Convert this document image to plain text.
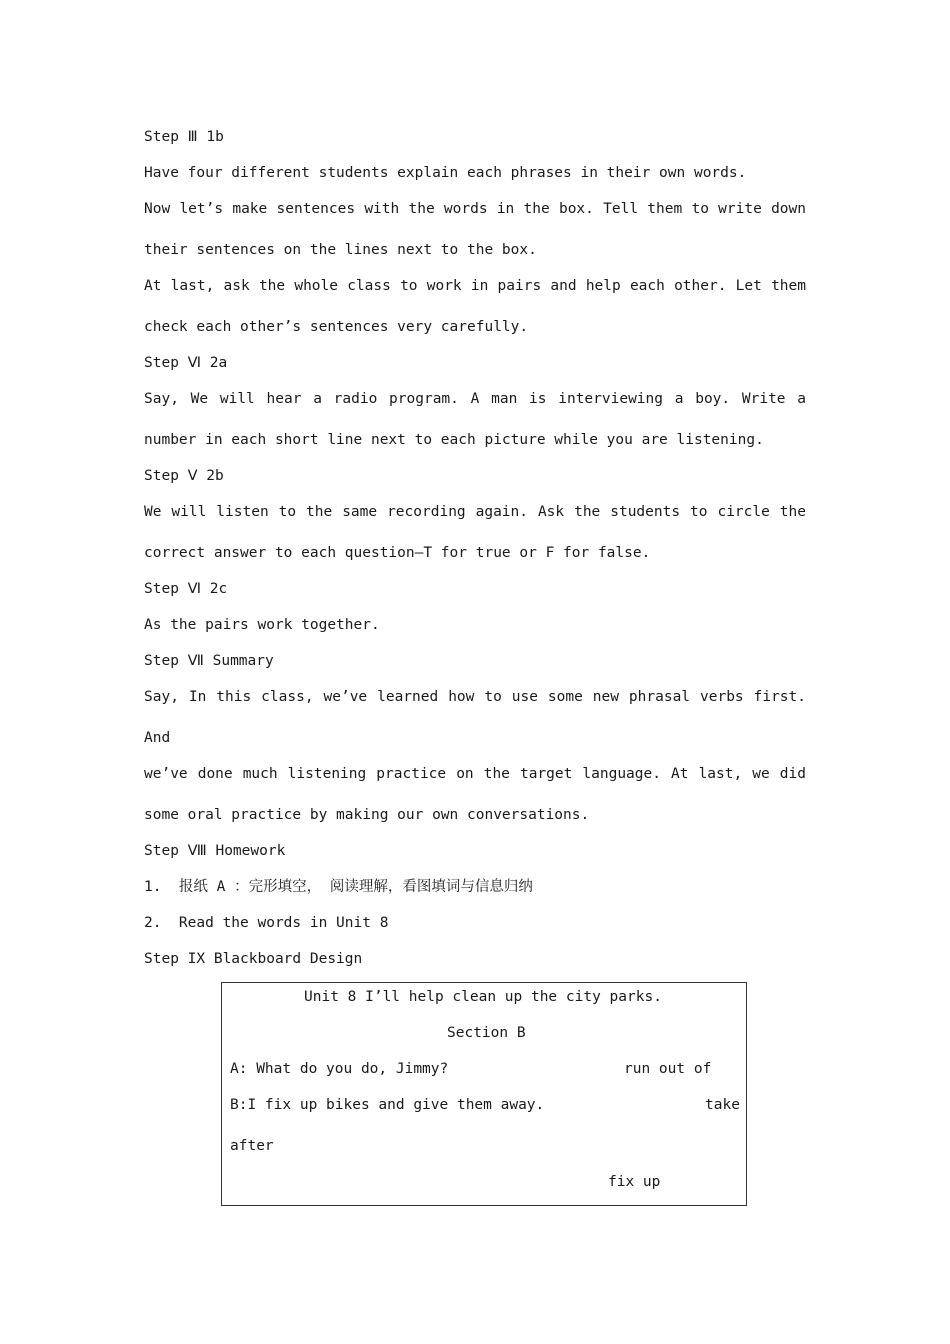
Step Ⅲ 1b
Have four different students explain each phrases in their own words.
Now let’s make sentences with the words in the box. Tell them to write down
their sentences on the lines next to the box.
At last, ask the whole class to work in pairs and help each other. Let them
check each other’s sentences very carefully.
Step Ⅵ 2a
Say, We will hear a radio program. A man is interviewing a boy. Write a
number in each short line next to each picture while you are listening.
Step Ⅴ 2b
We will listen to the same recording again. Ask the students to circle the
correct answer to each question—T for true or F for false.
Step Ⅵ 2c
As the pairs work together.
Step Ⅶ Summary
Say, In this class, we’ve learned how to use some new phrasal verbs first.
And
we’ve done much listening practice on the target language. At last, we did
some oral practice by making our own conversations.
Step Ⅷ Homework
1.  报纸 A ：完形填空， 阅读理解，看图填词与信息归纳
2.  Read the words in Unit 8
Step IX Blackboard Design
Unit 8 I’ll help clean up the city parks.
Section B
A: What do you do, Jimmy?	run out of
B:I fix up bikes and give them away.	take
after
fix up
